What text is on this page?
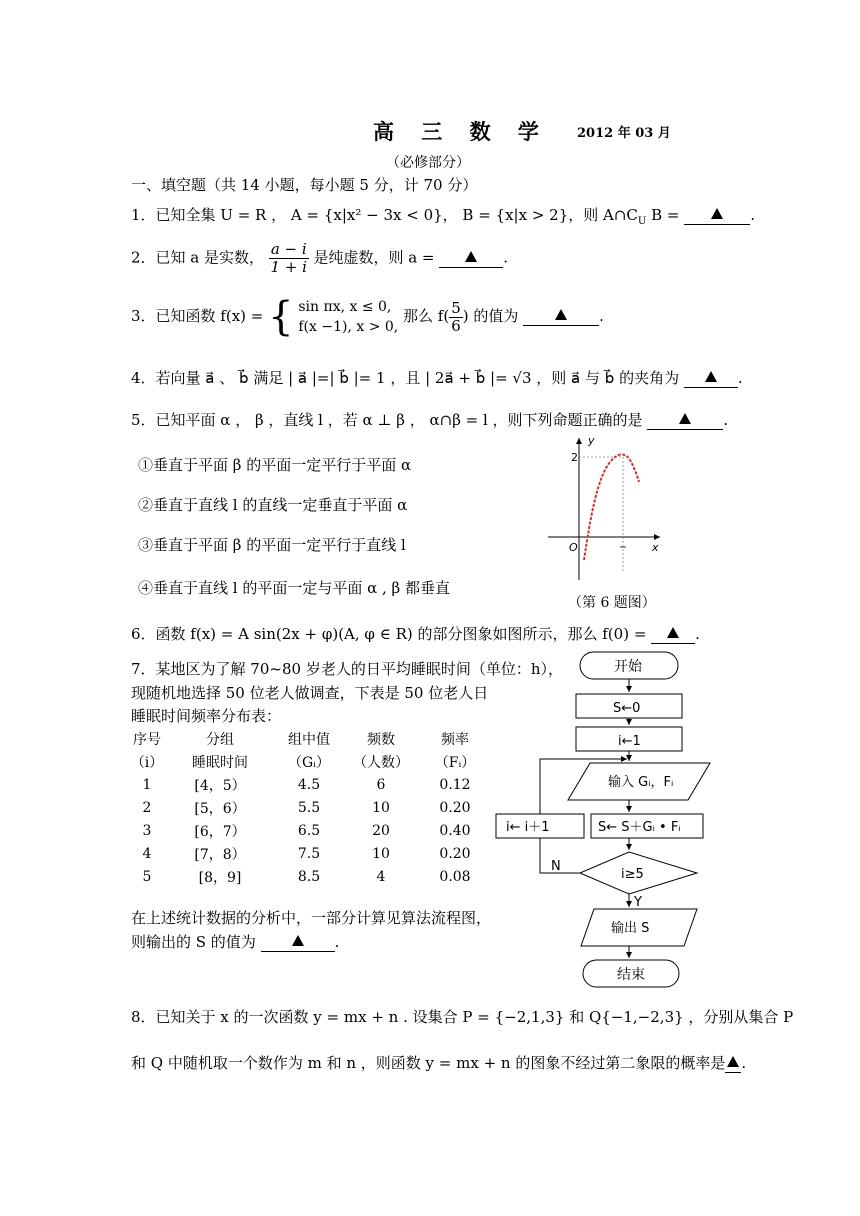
高 三 数 学 2012 年 03 月
（必修部分）
一、填空题（共 14 小题，每小题 5 分，计 70 分）
1．已知全集 U = R ， A = {x|x² − 3x < 0}， B = {x|x > 2}，则 $A\cap C_U$ B =	.
2．已知 a 是实数， $\frac{a - i}{1 + i}$ 是纯虚数，则 a =	.
3．已知函数 f(x) = { sin πx, x ≤ 0,
f(x −1), x > 0,
那么 $f( \frac{5}{6}$ ) 的值为	.
4．若向量 a⃗ 、 b⃗ 满足 | a⃗ |=| b⃗ |= 1 ，且 | 2a⃗ + b⃗ |= √3 ，则 a⃗ 与 b⃗ 的夹角为	.
5．已知平面 α ， β ，直线 l ，若 α ⊥ β ， α∩β = l ，则下列命题正确的是	.
①垂直于平面 β 的平面一定平行于平面 α
②垂直于直线 l 的直线一定垂直于平面 α
③垂直于平面 β 的平面一定平行于直线 l
④垂直于直线 l 的平面一定与平面 α , β 都垂直
y
x
O
2
（第 6 题图）
6．函数 f(x) = A sin(2x + φ)(A, φ ∈ R) 的部分图象如图所示，那么 f(0) =	.
7．某地区为了解 70~80 岁老人的日平均睡眠时间（单位：h），
现随机地选择 50 位老人做调查，下表是 50 位老人日
睡眠时间频率分布表：
序号	分组	组中值	频数	频率
（i）	睡眠时间	（Gᵢ）	（人数）	（Fᵢ）
1	[4，5）	4.5	6	0.12
2	[5，6）	5.5	10	0.20
3	[6，7）	6.5	20	0.40
4	[7，8）	7.5	10	0.20
5	[8，9]	8.5	4	0.08
在上述统计数据的分析中，一部分计算见算法流程图，
则输出的 S 的值为	.
开始
S←0
i←1
输入 Gᵢ，Fᵢ
S← S＋Gᵢ • Fᵢ
i← i＋1
i≥5
N
Y
输出 S
结束
8．已知关于 x 的一次函数 y = mx + n . 设集合 P = {−2,1,3} 和 Q{−1,−2,3} ，分别从集合 P
和 Q 中随机取一个数作为 m 和 n ，则函数 y = mx + n 的图象不经过第二象限的概率是 .
